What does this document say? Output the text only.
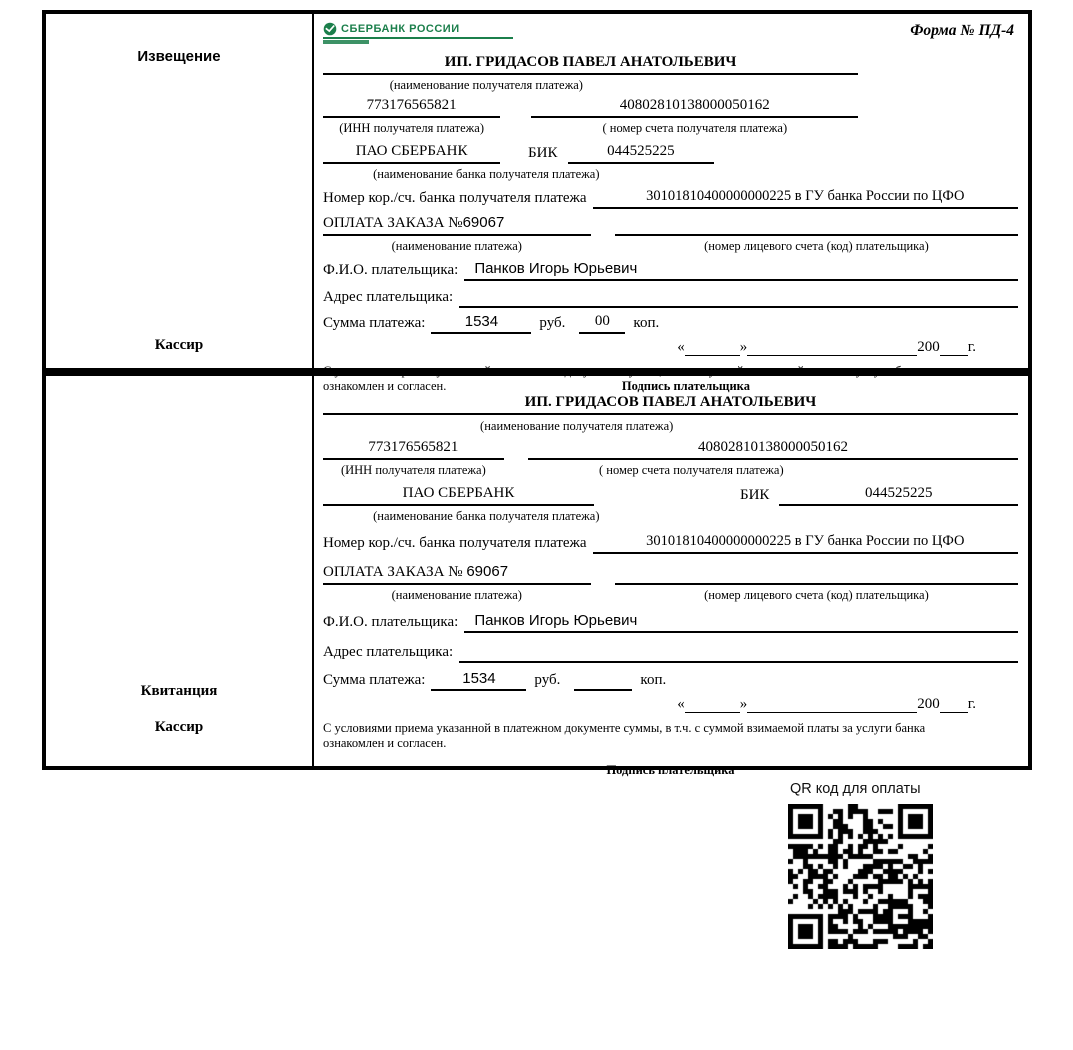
Извещение
Кассир
СБЕРБАНК РОССИИ	Форма № ПД-4
ИП. ГРИДАСОВ ПАВЕЛ АНАТОЛЬЕВИЧ
(наименование получателя платежа)
773176565821	40802810138000050162
(ИНН получателя платежа)	( номер счета получателя платежа)
ПАО СБЕРБАНК	БИК	044525225
(наименование банка получателя платежа)
Номер кор./сч. банка получателя платежа	30101810400000000225 в ГУ банка России по ЦФО
ОПЛАТА ЗАКАЗА №69067

(наименование платежа)	(номер лицевого счета (код) плательщика)
Ф.И.О. плательщика:	Панков Игорь Юрьевич
Адрес плательщика:

Сумма платежа:	1534	руб.	00	коп.
«	»	200 г.
С условиями приема указанной в платежном документе суммы, в т.ч. с суммой взимаемой платы за услуги банка
ознакомлен и согласен.	Подпись плательщика
Квитанция
Кассир
ИП. ГРИДАСОВ ПАВЕЛ АНАТОЛЬЕВИЧ
(наименование получателя платежа)
773176565821	40802810138000050162
(ИНН получателя платежа)	( номер счета получателя платежа)
ПАО СБЕРБАНК	БИК	044525225
(наименование банка получателя платежа)
Номер кор./сч. банка получателя платежа	30101810400000000225 в ГУ банка России по ЦФО
ОПЛАТА ЗАКАЗА № 69067

(наименование платежа)	(номер лицевого счета (код) плательщика)
Ф.И.О. плательщика:	Панков Игорь Юрьевич
Адрес плательщика:

Сумма платежа:	1534	руб.	коп.
«	»	200 г.
С условиями приема указанной в платежном документе суммы, в т.ч. с суммой взимаемой платы за услуги банка
ознакомлен и согласен.
Подпись плательщика
QR код для оплаты
